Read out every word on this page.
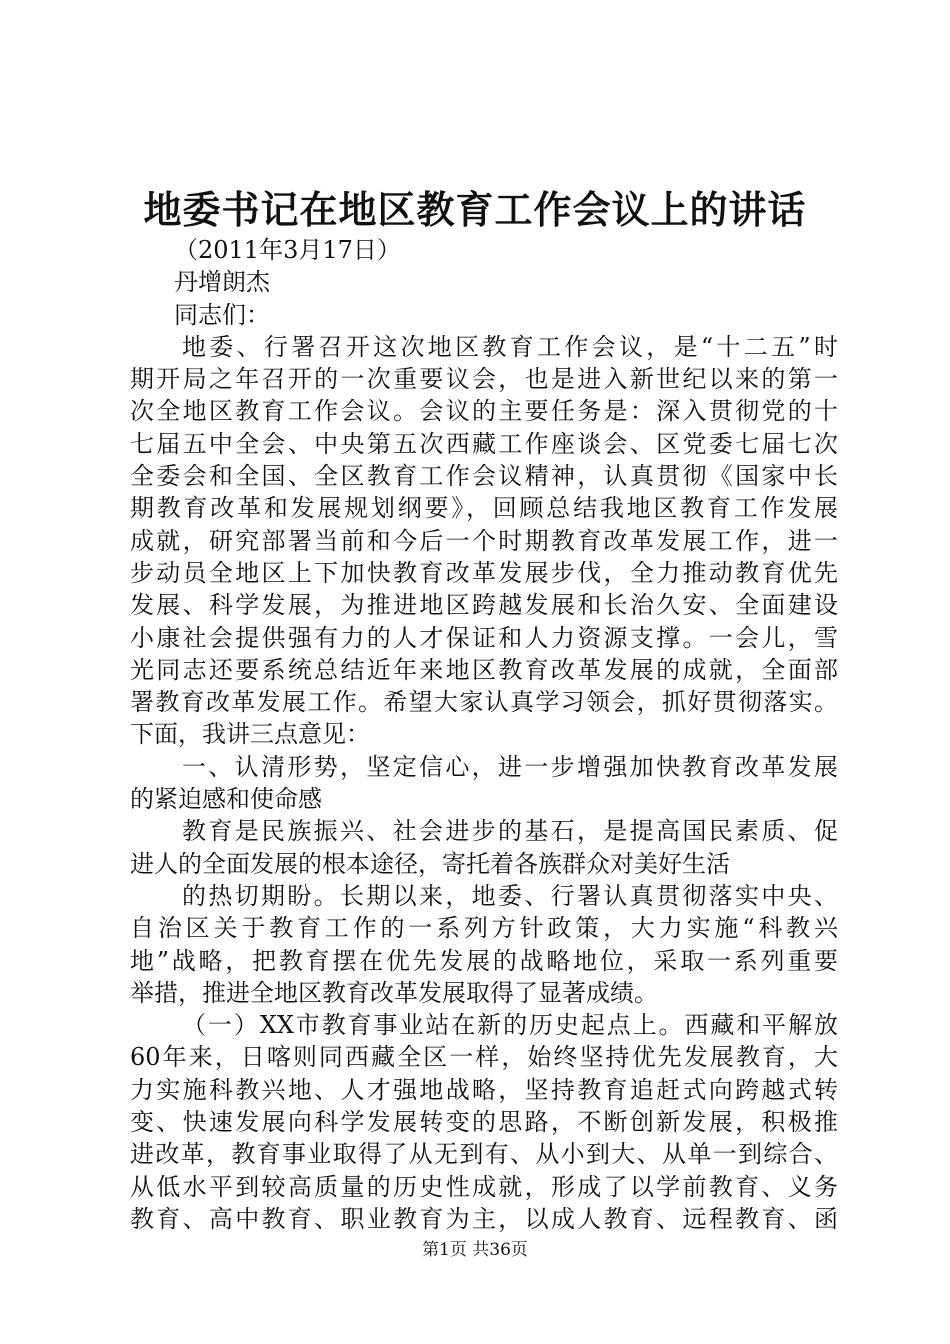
地委书记在地区教育工作会议上的讲话
（2011年3月17日）
丹增朗杰
同志们：
地委、行署召开这次地区教育工作会议，是“十二五”时
期开局之年召开的一次重要议会，也是进入新世纪以来的第一
次全地区教育工作会议。会议的主要任务是：深入贯彻党的十
七届五中全会、中央第五次西藏工作座谈会、区党委七届七次
全委会和全国、全区教育工作会议精神，认真贯彻《国家中长
期教育改革和发展规划纲要》，回顾总结我地区教育工作发展
成就，研究部署当前和今后一个时期教育改革发展工作，进一
步动员全地区上下加快教育改革发展步伐，全力推动教育优先
发展、科学发展，为推进地区跨越发展和长治久安、全面建设
小康社会提供强有力的人才保证和人力资源支撑。一会儿，雪
光同志还要系统总结近年来地区教育改革发展的成就，全面部
署教育改革发展工作。希望大家认真学习领会，抓好贯彻落实。
下面，我讲三点意见：
一、认清形势，坚定信心，进一步增强加快教育改革发展
的紧迫感和使命感
教育是民族振兴、社会进步的基石，是提高国民素质、促
进人的全面发展的根本途径，寄托着各族群众对美好生活
的热切期盼。长期以来，地委、行署认真贯彻落实中央、
自治区关于教育工作的一系列方针政策，大力实施“科教兴
地”战略，把教育摆在优先发展的战略地位，采取一系列重要
举措，推进全地区教育改革发展取得了显著成绩。
（一）XX市教育事业站在新的历史起点上。西藏和平解放
60年来，日喀则同西藏全区一样，始终坚持优先发展教育，大
力实施科教兴地、人才强地战略，坚持教育追赶式向跨越式转
变、快速发展向科学发展转变的思路，不断创新发展，积极推
进改革，教育事业取得了从无到有、从小到大、从单一到综合、
从低水平到较高质量的历史性成就，形成了以学前教育、义务
教育、高中教育、职业教育为主，以成人教育、远程教育、函
第1页 共36页
